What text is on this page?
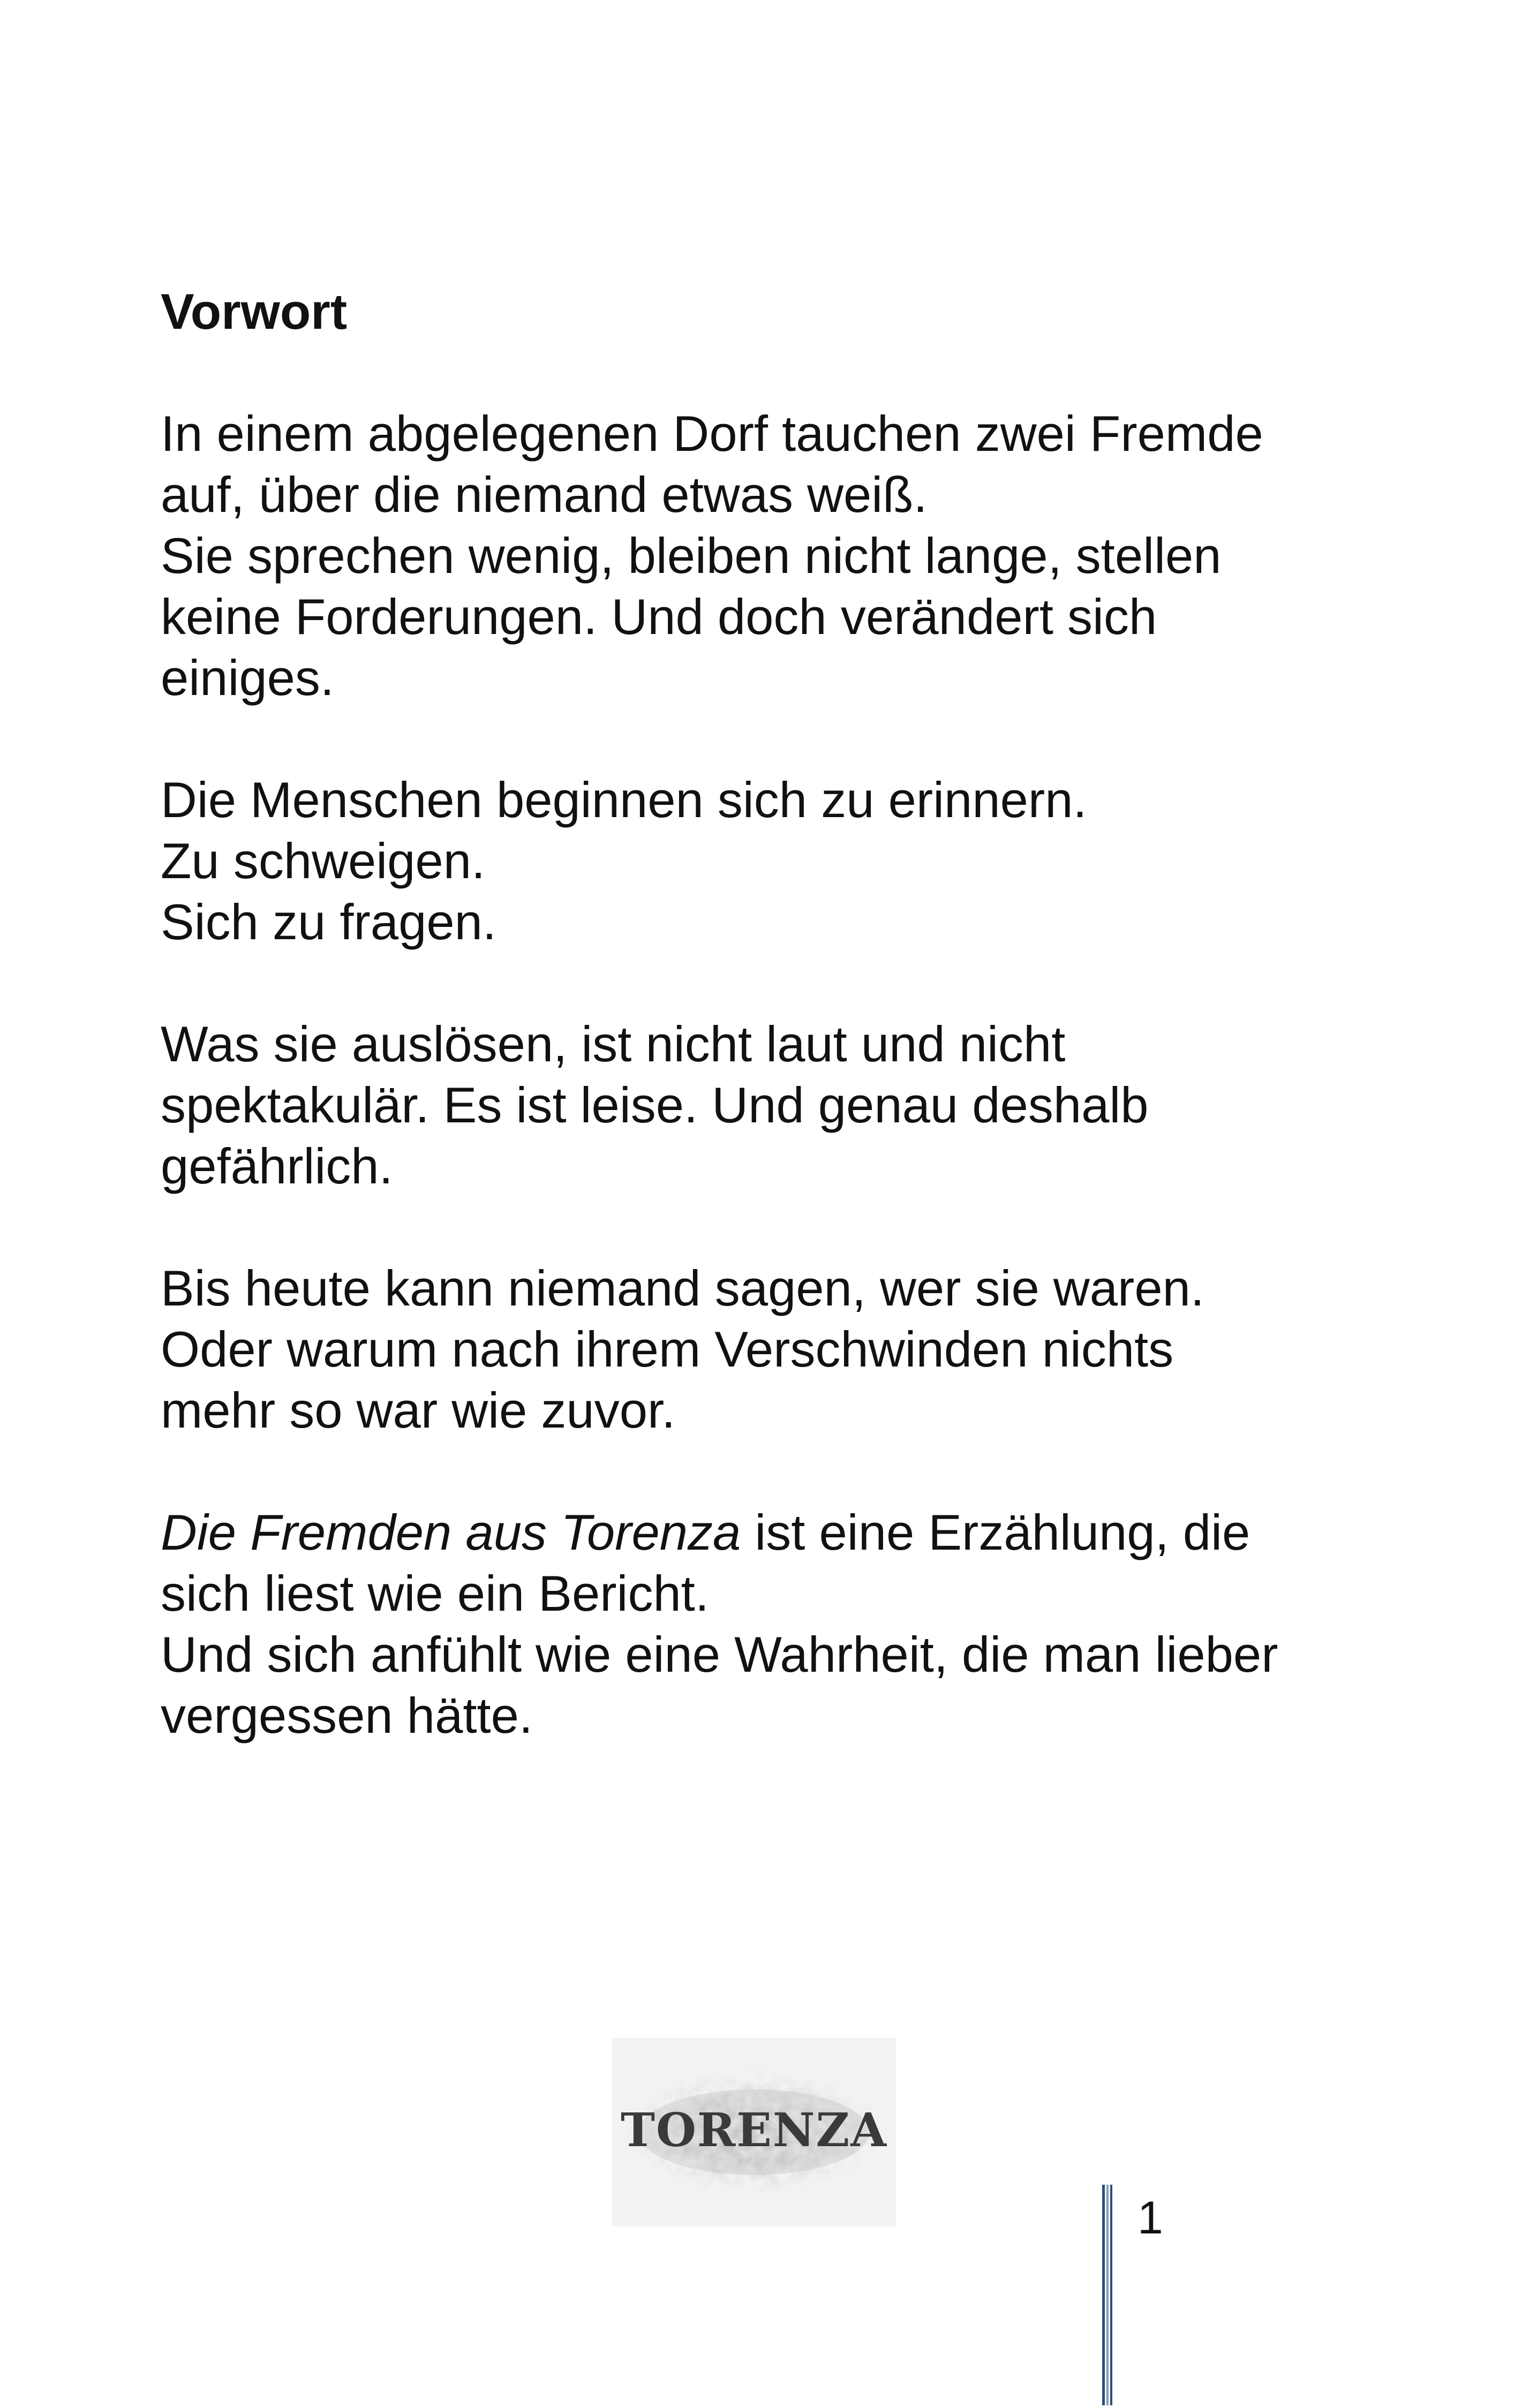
Vorwort
In einem abgelegenen Dorf tauchen zwei Fremde
auf, über die niemand etwas weiß.
Sie sprechen wenig, bleiben nicht lange, stellen
keine Forderungen. Und doch verändert sich
einiges.
Die Menschen beginnen sich zu erinnern.
Zu schweigen.
Sich zu fragen.
Was sie auslösen, ist nicht laut und nicht
spektakulär. Es ist leise. Und genau deshalb
gefährlich.
Bis heute kann niemand sagen, wer sie waren.
Oder warum nach ihrem Verschwinden nichts
mehr so war wie zuvor.
Die Fremden aus Torenza ist eine Erzählung, die
sich liest wie ein Bericht.
Und sich anfühlt wie eine Wahrheit, die man lieber
vergessen hätte.
TORENZA
1
